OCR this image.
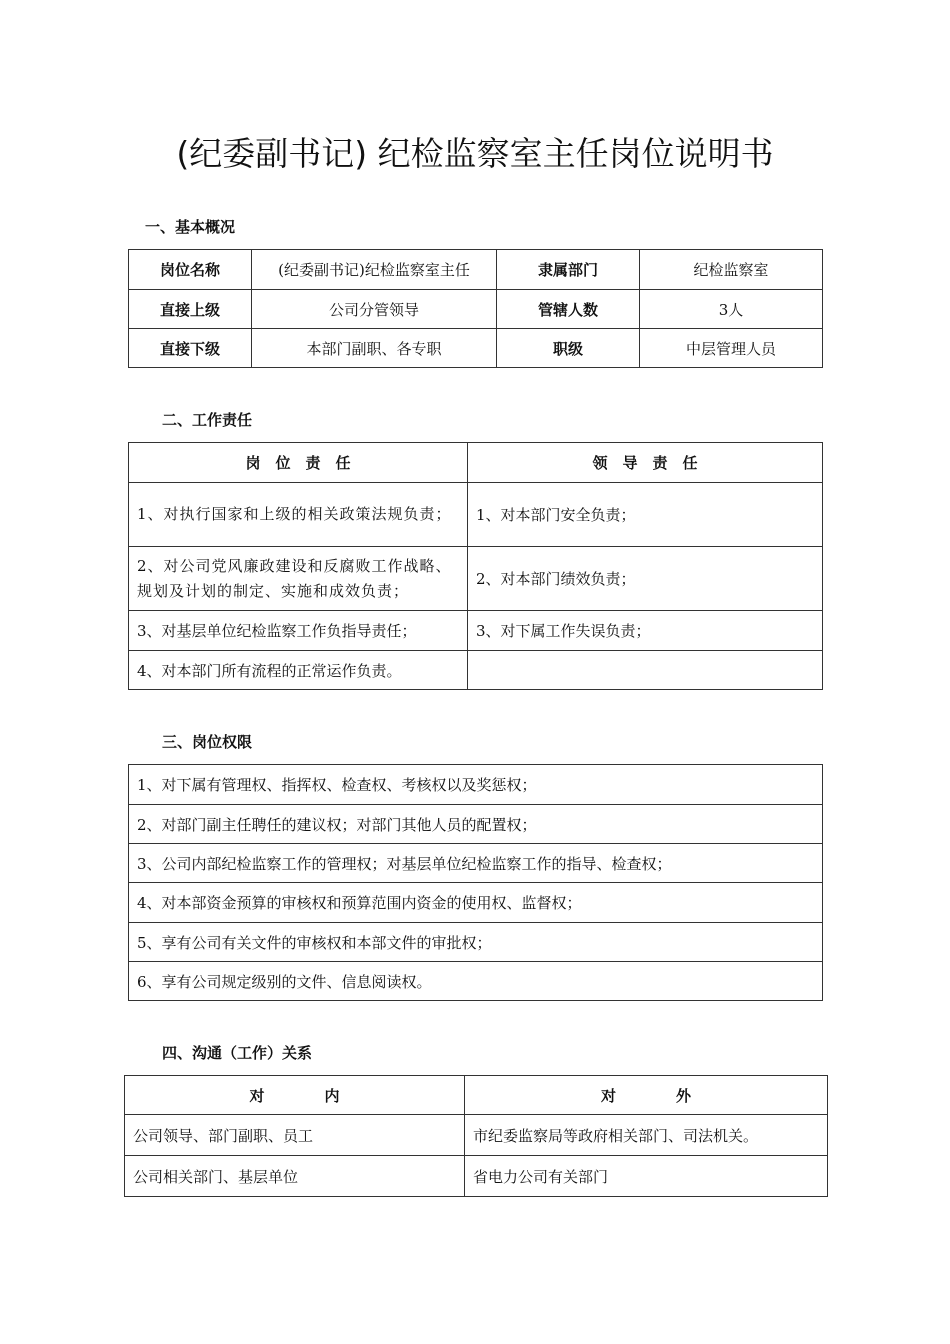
(纪委副书记) 纪检监察室主任岗位说明书
一、基本概况
岗位名称	(纪委副书记)纪检监察室主任	隶属部门	纪检监察室
直接上级	公司分管领导	管辖人数	3人
直接下级	本部门副职、各专职	职级	中层管理人员
二、工作责任
岗　位　责　任	领　导　责　任
1、对执行国家和上级的相关政策法规负责；	1、对本部门安全负责；
2、对公司党风廉政建设和反腐败工作战略、规划及计划的制定、实施和成效负责；	2、对本部门绩效负责；
3、对基层单位纪检监察工作负指导责任；	3、对下属工作失误负责；
4、对本部门所有流程的正常运作负责。	
三、岗位权限
1、对下属有管理权、指挥权、检查权、考核权以及奖惩权；
2、对部门副主任聘任的建议权；对部门其他人员的配置权；
3、公司内部纪检监察工作的管理权；对基层单位纪检监察工作的指导、检查权；
4、对本部资金预算的审核权和预算范围内资金的使用权、监督权；
5、享有公司有关文件的审核权和本部文件的审批权；
6、享有公司规定级别的文件、信息阅读权。
四、沟通（工作）关系
对　　　　内	对　　　　外
公司领导、部门副职、员工	市纪委监察局等政府相关部门、司法机关。
公司相关部门、基层单位	省电力公司有关部门
